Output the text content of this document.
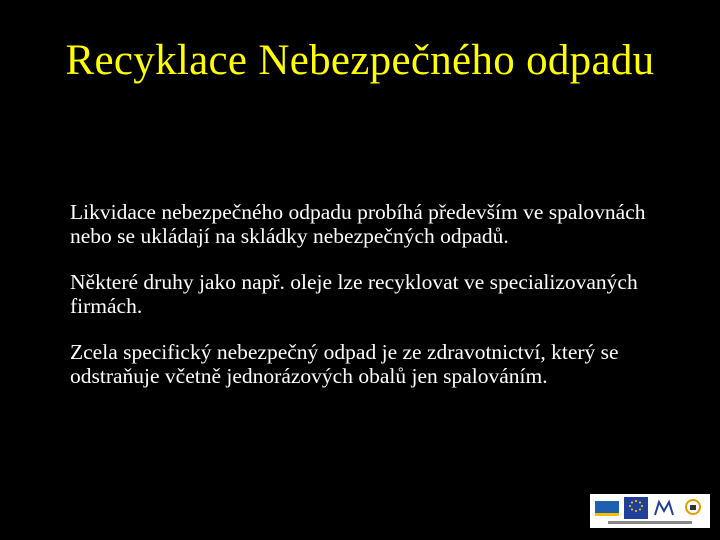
Recyklace Nebezpečného odpadu

Likvidace nebezpečného odpadu probíhá především ve spalovnách nebo se ukládají na skládky nebezpečných odpadů.

Některé druhy jako např. oleje lze recyklovat ve specializovaných firmách.

Zcela specifický nebezpečný odpad je ze zdravotnictví, který se odstraňuje včetně jednorázových obalů jen spalováním.
